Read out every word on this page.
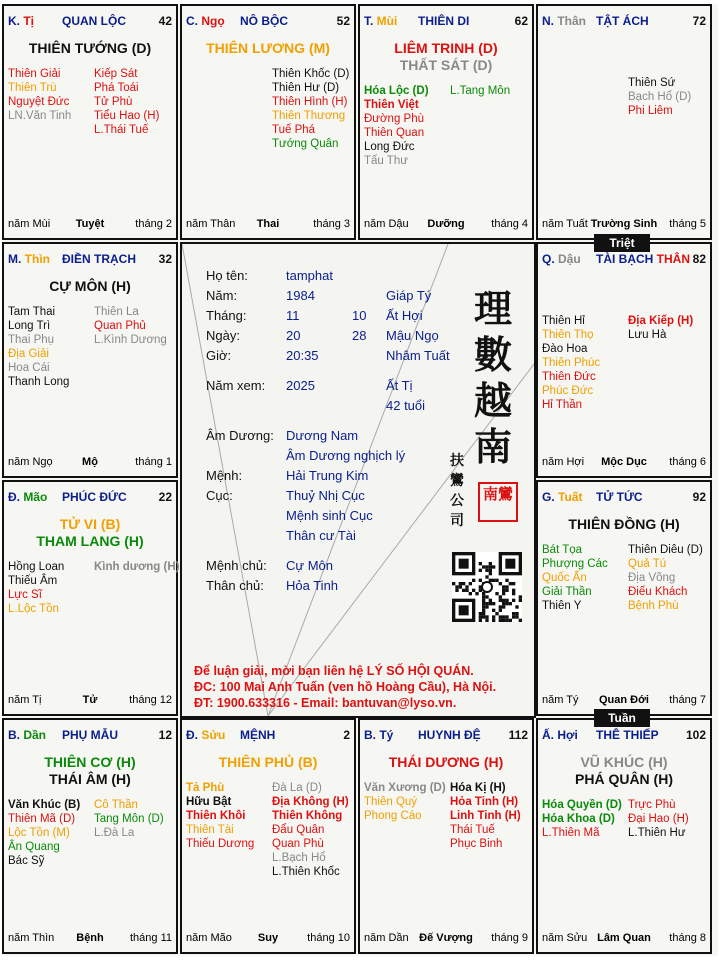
Họ tên:	tamphat
Năm:	1984	Giáp Tý
Tháng:	11	10 Ất Hợi
Ngày:	20	28 Mậu Ngọ
Giờ:	20:35	Nhâm Tuất
Năm xem: 2025	Ất Tị
42 tuổi
Âm Dương: Dương Nam
Âm Dương nghịch lý
Mệnh:	Hải Trung Kim
Cục:	Thuỷ Nhị Cục
Mệnh sinh Cục
Thân cư Tài
Mệnh chủ: Cự Môn
Thân chủ: Hỏa Tinh
理
數
越
南
扶
鸞
公
司
南鸞
Để luận giải, mời bạn liên hệ LÝ SỐ HỘI QUÁN.
ĐC: 100 Mai Anh Tuấn (ven hồ Hoàng Cầu), Hà Nội.
ĐT: 1900.633316 - Email: bantuvan@lyso.vn.
K. Tị QUAN LỘC	42
THIÊN TƯỚNG (D)
Thiên Giải
Thiên Trù
Nguyệt Đức
LN.Văn Tinh
Kiếp Sát
Phá Toái
Tử Phù
Tiểu Hao (H)
L.Thái Tuế
năm Mùi	Tuyệt	tháng 2
C. Ngọ NÔ BỘC	52
THIÊN LƯƠNG (M)
Thiên Khốc (D)
Thiên Hư (D)
Thiên Hình (H)
Thiên Thương
Tuế Phá
Tướng Quân
năm Thân	Thai	tháng 3
T. Mùi THIÊN DI	62
LIÊM TRINH (D)
THẤT SÁT (D)
Hóa Lộc (D)
Thiên Việt
Đường Phù
Thiên Quan
Long Đức
Tấu Thư
L.Tang Môn
năm Dậu	Dưỡng	tháng 4
N. Thân TẬT ÁCH	72
Thiên Sứ
Bạch Hổ (D)
Phi Liêm
năm Tuất Trường Sinh	tháng 5
M. Thìn ĐIỀN TRẠCH 32
CỰ MÔN (H)
Tam Thai
Long Trì
Thai Phụ
Địa Giải
Hoa Cái
Thanh Long
Thiên La
Quan Phủ
L.Kình Dương
năm Ngọ	Mộ	tháng 1
Q. Dậu TÀI BẠCH THÂN 82
Thiên Hỉ
Thiên Thọ
Đào Hoa
Thiên Phúc
Thiên Đức
Phúc Đức
Hỉ Thần
Địa Kiếp (H)
Lưu Hà
năm Hợi	Mộc Dục	tháng 6
Đ. Mão PHÚC ĐỨC	22
TỬ VI (B)
THAM LANG (H)
Hồng Loan
Thiếu Âm
Lực Sĩ
L.Lộc Tồn
Kình dương (H)
năm Tị	Tử	tháng 12
G. Tuất TỬ TỨC	92
THIÊN ĐỒNG (H)
Bát Tọa
Phượng Các
Quốc Ấn
Giải Thần
Thiên Y
Thiên Diêu (D)
Quả Tú
Địa Võng
Điếu Khách
Bệnh Phù
năm Tý	Quan Đới	tháng 7
B. Dần PHỤ MẪU	12
THIÊN CƠ (H)
THÁI ÂM (H)
Văn Khúc (B)
Thiên Mã (D)
Lộc Tồn (M)
Ân Quang
Bác Sỹ
Cô Thần
Tang Môn (D)
L.Đà La
năm Thìn	Bệnh	tháng 11
Đ. Sửu MỆNH	2
THIÊN PHỦ (B)
Tả Phù
Hữu Bật
Thiên Khôi
Thiên Tài
Thiếu Dương
Đà La (D)
Địa Không (H)
Thiên Không
Đẩu Quân
Quan Phù
L.Bạch Hổ
L.Thiên Khốc
năm Mão	Suy	tháng 10
B. Tý HUYNH ĐỆ 112
THÁI DƯƠNG (H)
Văn Xương (D)
Thiên Quý
Phong Cáo
Hóa Kị (H)
Hỏa Tinh (H)
Linh Tinh (H)
Thái Tuế
Phục Binh
năm Dần Đế Vượng	tháng 9
Ấ. Hợi THÊ THIẾP 102
VŨ KHÚC (H)
PHÁ QUÂN (H)
Hóa Quyền (D)
Hóa Khoa (D)
L.Thiên Mã
Trực Phù
Đại Hao (H)
L.Thiên Hư
năm Sửu Lâm Quan	tháng 8
Triệt
Tuần
